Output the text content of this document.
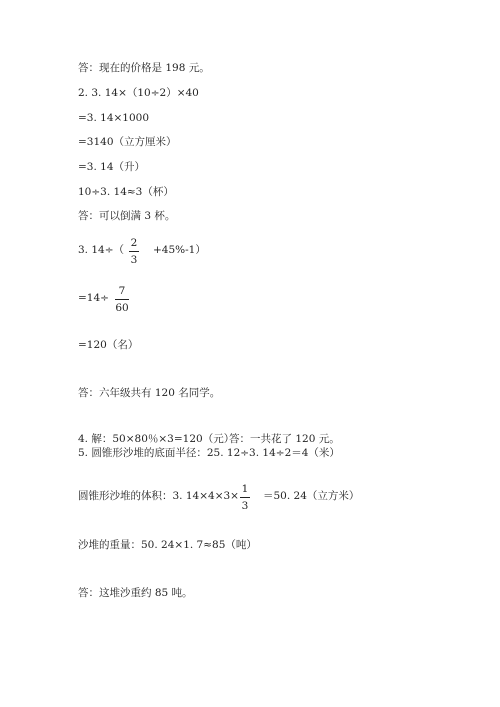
答：现在的价格是 198 元。
2. 3. 14×（10÷2）×40
=3. 14×1000
=3140（立方厘米）
=3. 14（升）
10÷3. 14≈3（杯）
答：可以倒满 3 杯。
3. 14÷（
2
3
+45%-1）
=14÷
7
60
=120（名）
答：六年级共有 120 名同学。
4. 解：50×80％×3=120（元）
答：一共花了 120 元。
5. 圆锥形沙堆的底面半径：25. 12÷3. 14÷2＝4（米）
圆锥形沙堆的体积：3. 14×4×3×
1
3
＝50. 24（立方米）
沙堆的重量：50. 24×1. 7≈85（吨）
答：这堆沙重约 85 吨。
